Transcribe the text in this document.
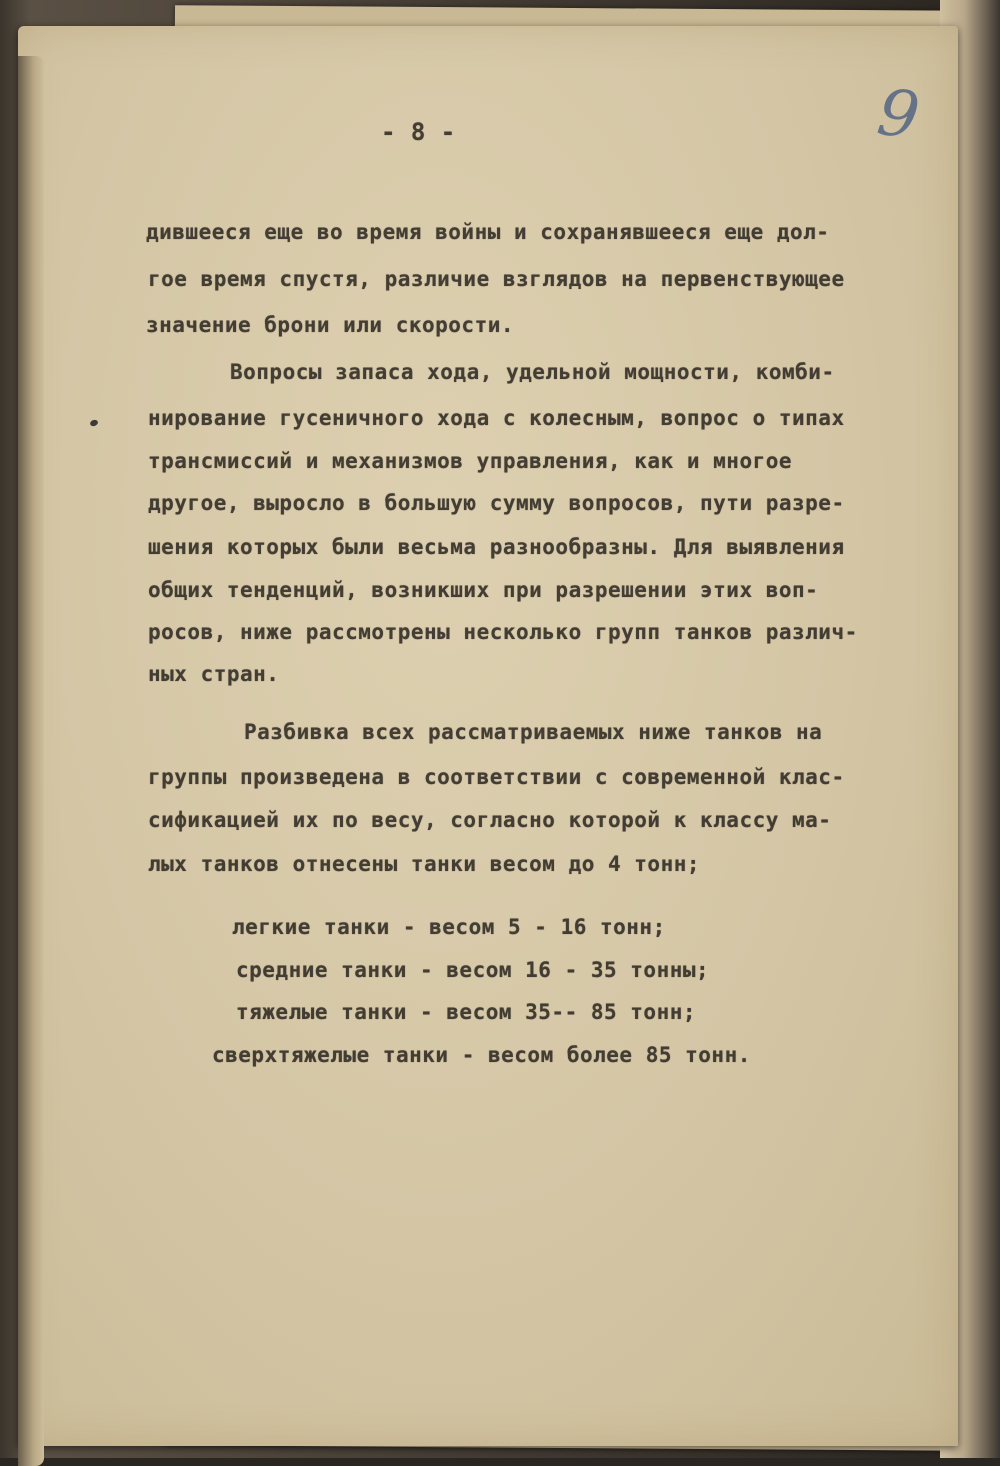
- 8 -	9
дившееся еще во время войны и сохранявшееся еще дол-
гое время спустя, различие взглядов на первенствующее
значение брони или скорости.
Вопросы запаса хода, удельной мощности, комби-
нирование гусеничного хода с колесным, вопрос о типах
трансмиссий и механизмов управления, как и многое
другое, выросло в большую сумму вопросов, пути разре-
шения которых были весьма разнообразны. Для выявления
общих тенденций, возникших при разрешении этих воп-
росов, ниже рассмотрены несколько групп танков различ-
ных стран.
Разбивка всех рассматриваемых ниже танков на
группы произведена в соответствии с современной клас-
сификацией их по весу, согласно которой к классу ма-
лых танков отнесены танки весом до 4 тонн;
легкие танки - весом 5 - 16 тонн;
средние танки - весом 16 - 35 тонны;
тяжелые танки - весом 35-- 85 тонн;
сверхтяжелые танки - весом более 85 тонн.
